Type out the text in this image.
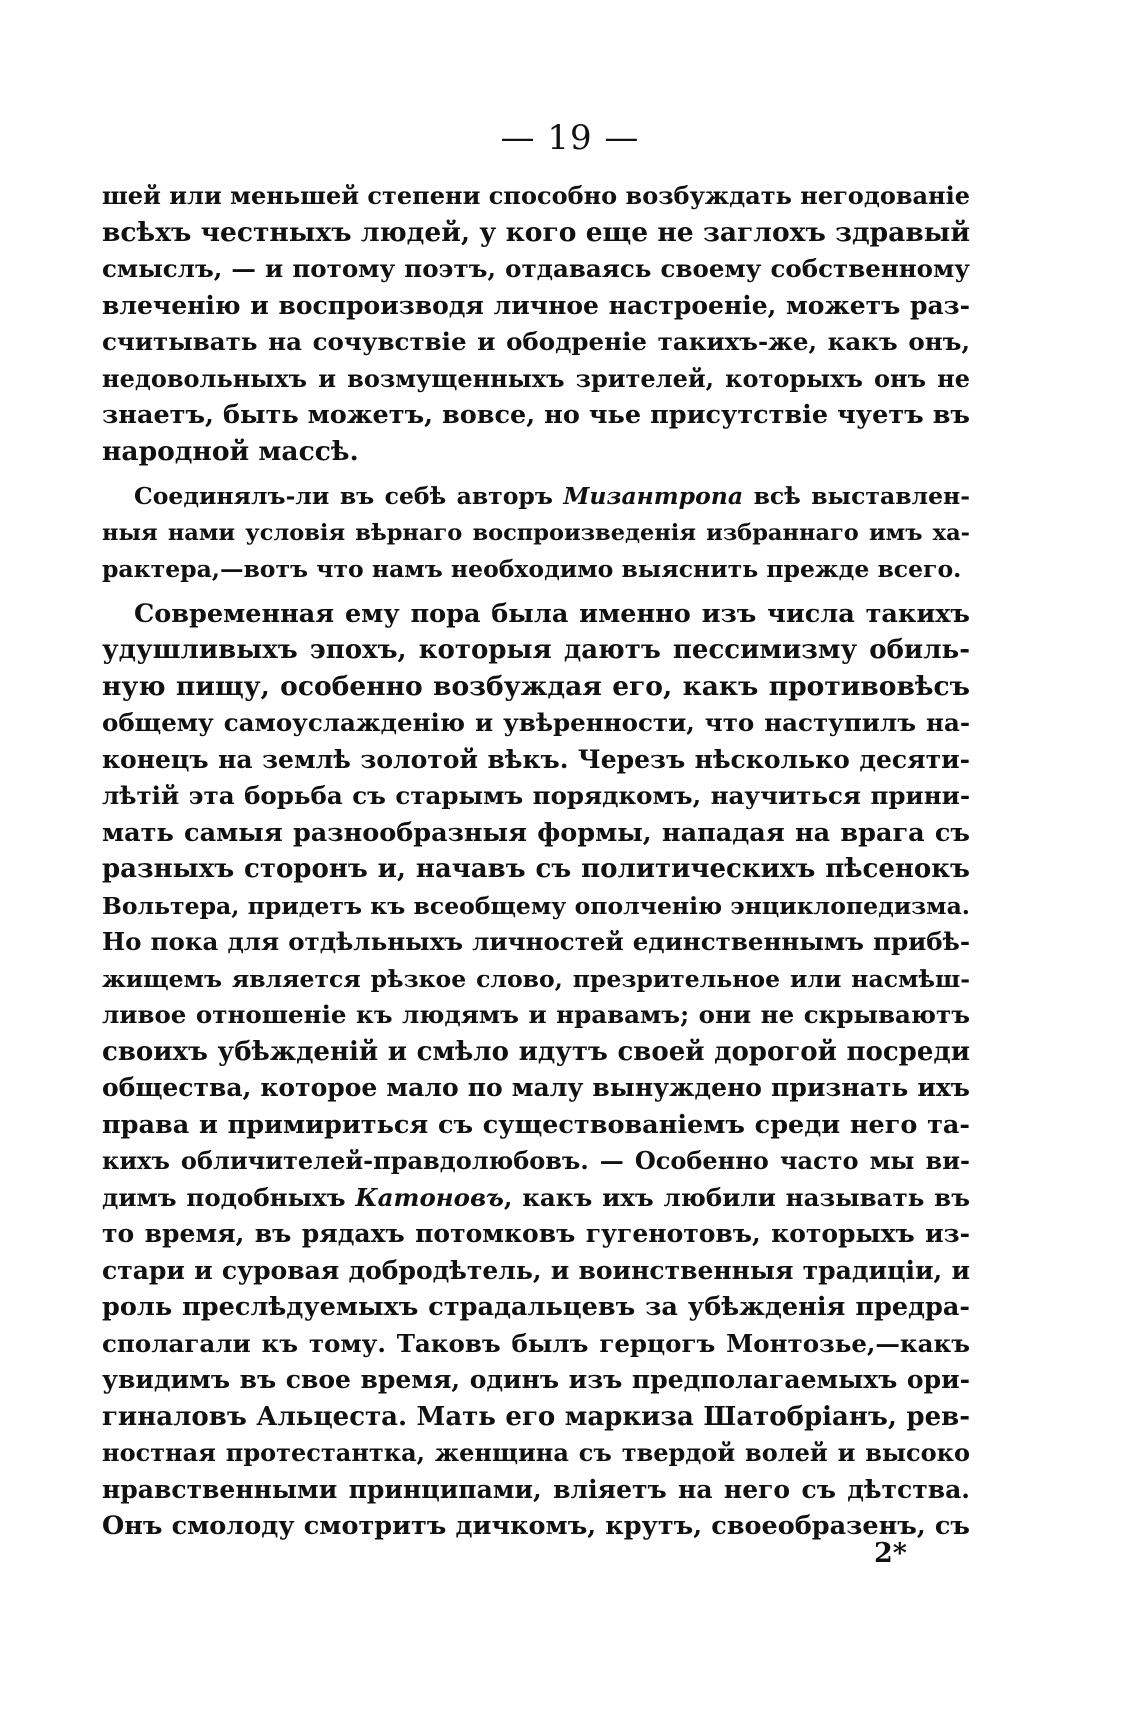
— 19 —
шей или меньшей степени способно возбуждать негодованіе
всѣхъ честныхъ людей, у кого еще не заглохъ здравый
смыслъ, — и потому поэтъ, отдаваясь своему собственному
влеченію и воспроизводя личное настроеніе, можетъ раз-
считывать на сочувствіе и ободреніе такихъ-же, какъ онъ,
недовольныхъ и возмущенныхъ зрителей, которыхъ онъ не
знаетъ, быть можетъ, вовсе, но чье присутствіе чуетъ въ
народной массѣ.
Соединялъ-ли въ себѣ авторъ Мизантропа всѣ выставлен-
ныя нами условія вѣрнаго воспроизведенія избраннаго имъ ха-
рактера,—вотъ что намъ необходимо выяснить прежде всего.
Современная ему пора была именно изъ числа такихъ
удушливыхъ эпохъ, которыя даютъ пессимизму обиль-
ную пищу, особенно возбуждая его, какъ противовѣсъ
общему самоуслажденію и увѣренности, что наступилъ на-
конецъ на землѣ золотой вѣкъ. Черезъ нѣсколько десяти-
лѣтій эта борьба съ старымъ порядкомъ, научиться прини-
мать самыя разнообразныя формы, нападая на врага съ
разныхъ сторонъ и, начавъ съ политическихъ пѣсенокъ
Вольтера, придетъ къ всеобщему ополченію энциклопедизма.
Но пока для отдѣльныхъ личностей единственнымъ прибѣ-
жищемъ является рѣзкое слово, презрительное или насмѣш-
ливое отношеніе къ людямъ и нравамъ; они не скрываютъ
своихъ убѣжденій и смѣло идутъ своей дорогой посреди
общества, которое мало по малу вынуждено признать ихъ
права и примириться съ существованіемъ среди него та-
кихъ обличителей-правдолюбовъ. — Особенно часто мы ви-
димъ подобныхъ Катоновъ, какъ ихъ любили называть въ
то время, въ рядахъ потомковъ гугенотовъ, которыхъ из-
стари и суровая добродѣтель, и воинственныя традиціи, и
роль преслѣдуемыхъ страдальцевъ за убѣжденія предра-
сполагали къ тому. Таковъ былъ герцогъ Монтозье,—какъ
увидимъ въ свое время, одинъ изъ предполагаемыхъ ори-
гиналовъ Альцеста. Мать его маркиза Шатобріанъ, рев-
ностная протестантка, женщина съ твердой волей и высоко
нравственными принципами, вліяетъ на него съ дѣтства.
Онъ смолоду смотритъ дичкомъ, крутъ, своеобразенъ, съ
2*
